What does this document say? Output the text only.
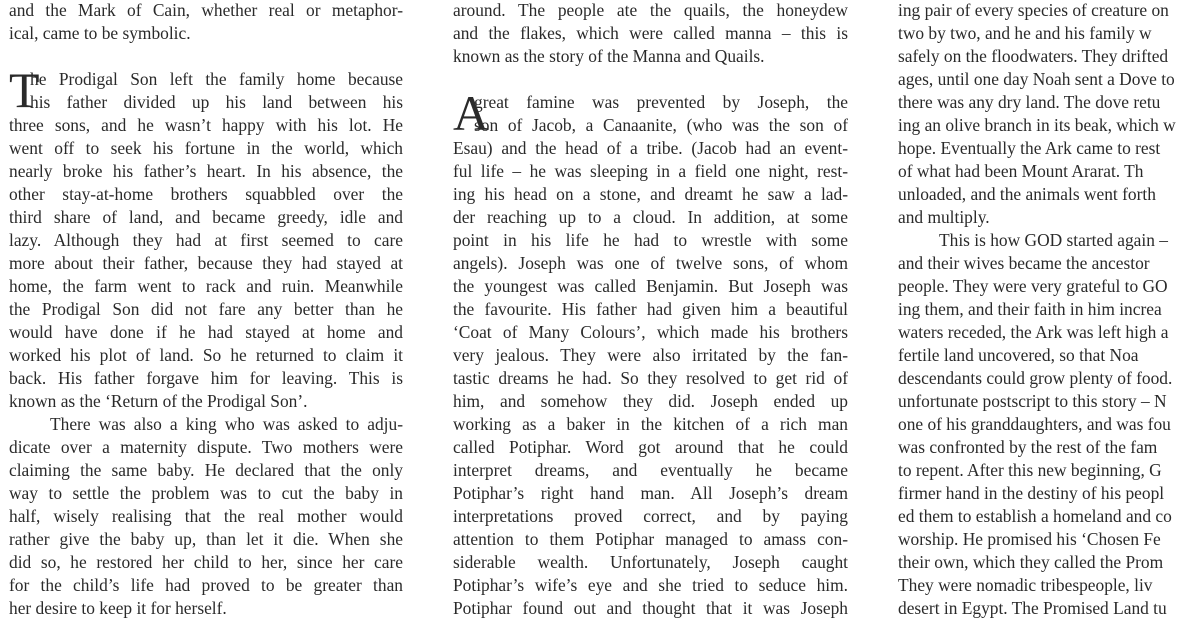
T
and the Mark of Cain, whether real or metaphor-
ical, came to be symbolic.
he Prodigal Son left the family home because
his father divided up his land between his
three sons, and he wasn’t happy with his lot. He
went off to seek his fortune in the world, which
nearly broke his father’s heart. In his absence, the
other stay-at-home brothers squabbled over the
third share of land, and became greedy, idle and
lazy. Although they had at first seemed to care
more about their father, because they had stayed at
home, the farm went to rack and ruin. Meanwhile
the Prodigal Son did not fare any better than he
would have done if he had stayed at home and
worked his plot of land. So he returned to claim it
back. His father forgave him for leaving. This is
known as the ‘Return of the Prodigal Son’.
There was also a king who was asked to adju-
dicate over a maternity dispute. Two mothers were
claiming the same baby. He declared that the only
way to settle the problem was to cut the baby in
half, wisely realising that the real mother would
rather give the baby up, than let it die. When she
did so, he restored her child to her, since her care
for the child’s life had proved to be greater than
her desire to keep it for herself.
A
around. The people ate the quails, the honeydew
and the flakes, which were called manna – this is
known as the story of the Manna and Quails.
great famine was prevented by Joseph, the
son of Jacob, a Canaanite, (who was the son of
Esau) and the head of a tribe. (Jacob had an event-
ful life – he was sleeping in a field one night, rest-
ing his head on a stone, and dreamt he saw a lad-
der reaching up to a cloud. In addition, at some
point in his life he had to wrestle with some
angels). Joseph was one of twelve sons, of whom
the youngest was called Benjamin. But Joseph was
the favourite. His father had given him a beautiful
‘Coat of Many Colours’, which made his brothers
very jealous. They were also irritated by the fan-
tastic dreams he had. So they resolved to get rid of
him, and somehow they did. Joseph ended up
working as a baker in the kitchen of a rich man
called Potiphar. Word got around that he could
interpret dreams, and eventually he became
Potiphar’s right hand man. All Joseph’s dream
interpretations proved correct, and by paying
attention to them Potiphar managed to amass con-
siderable wealth. Unfortunately, Joseph caught
Potiphar’s wife’s eye and she tried to seduce him.
Potiphar found out and thought that it was Joseph
ing pair of every species of creature on
two by two, and he and his family w
safely on the floodwaters. They drifted
ages, until one day Noah sent a Dove to
there was any dry land. The dove retu
ing an olive branch in its beak, which w
hope. Eventually the Ark came to rest
of what had been Mount Ararat. Th
unloaded, and the animals went forth
and multiply.
This is how GOD started again –
and their wives became the ancestor
people. They were very grateful to GO
ing them, and their faith in him increa
waters receded, the Ark was left high a
fertile land uncovered, so that Noa
descendants could grow plenty of food.
unfortunate postscript to this story – N
one of his granddaughters, and was fou
was confronted by the rest of the fam
to repent. After this new beginning, G
firmer hand in the destiny of his peopl
ed them to establish a homeland and co
worship. He promised his ‘Chosen Fe
their own, which they called the Prom
They were nomadic tribespeople, liv
desert in Egypt. The Promised Land tu
